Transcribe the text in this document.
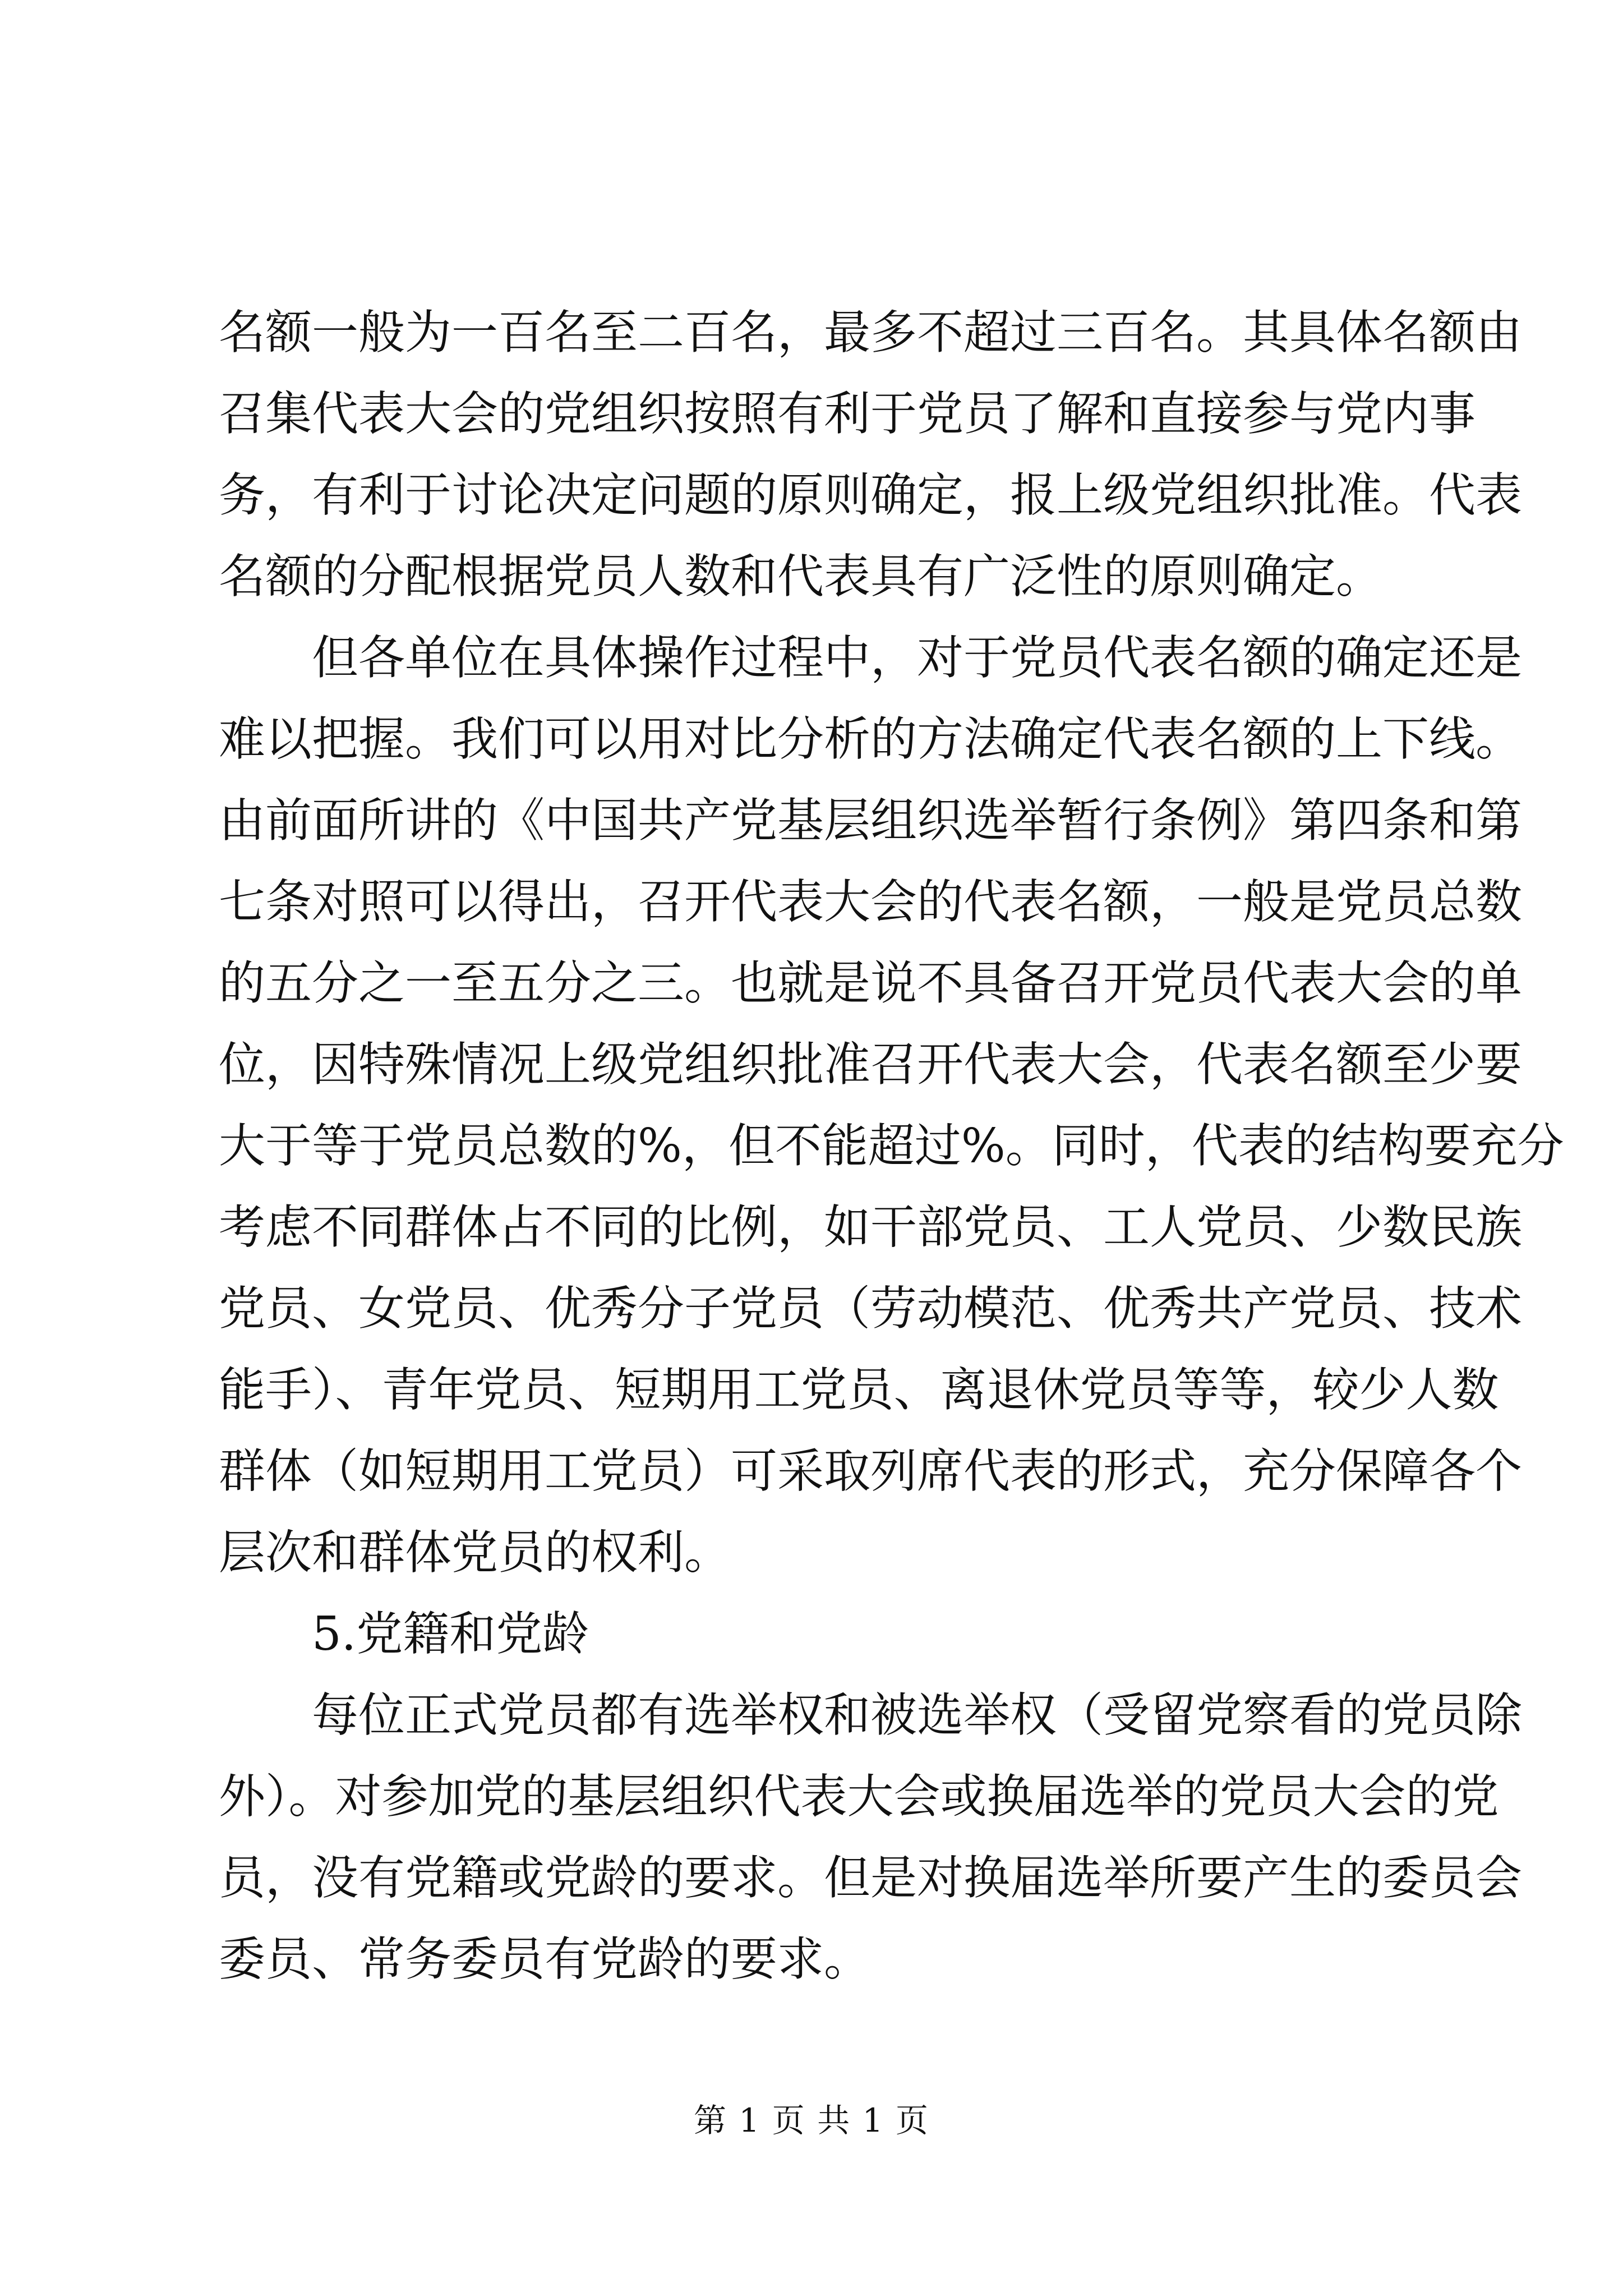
名额一般为一百名至二百名，最多不超过三百名。其具体名额由
召集代表大会的党组织按照有利于党员了解和直接参与党内事
务，有利于讨论决定问题的原则确定，报上级党组织批准。代表
名额的分配根据党员人数和代表具有广泛性的原则确定。
但各单位在具体操作过程中，对于党员代表名额的确定还是
难以把握。我们可以用对比分析的方法确定代表名额的上下线。
由前面所讲的《中国共产党基层组织选举暂行条例》第四条和第
七条对照可以得出，召开代表大会的代表名额，一般是党员总数
的五分之一至五分之三。也就是说不具备召开党员代表大会的单
位，因特殊情况上级党组织批准召开代表大会，代表名额至少要
大于等于党员总数的%，但不能超过%。同时，代表的结构要充分
考虑不同群体占不同的比例，如干部党员、工人党员、少数民族
党员、女党员、优秀分子党员（劳动模范、优秀共产党员、技术
能手）、青年党员、短期用工党员、离退休党员等等，较少人数
群体（如短期用工党员）可采取列席代表的形式，充分保障各个
层次和群体党员的权利。
5.党籍和党龄
每位正式党员都有选举权和被选举权（受留党察看的党员除
外）。对参加党的基层组织代表大会或换届选举的党员大会的党
员，没有党籍或党龄的要求。但是对换届选举所要产生的委员会
委员、常务委员有党龄的要求。
第 1 页 共 1 页
